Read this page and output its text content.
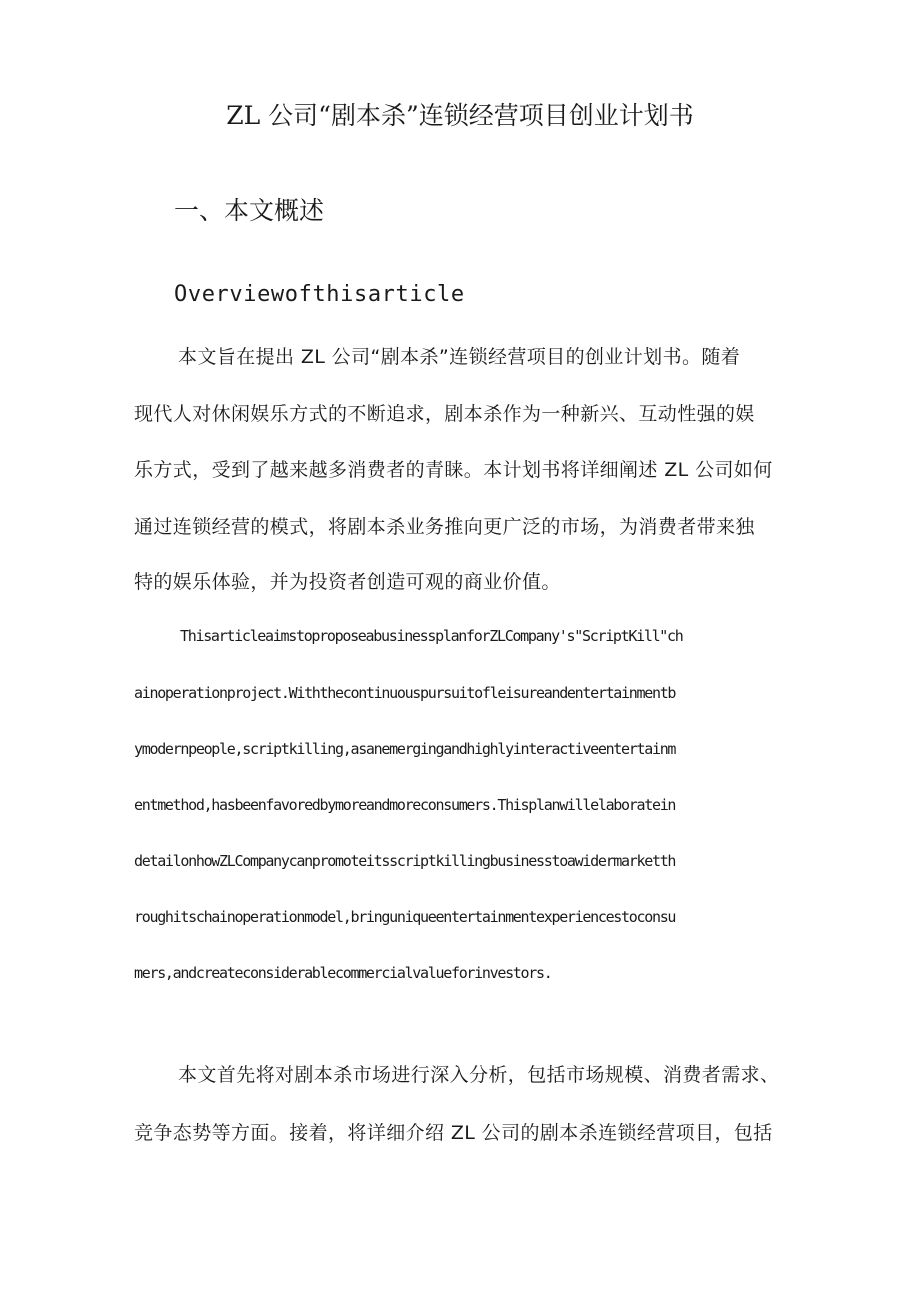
ZL 公司“剧本杀”连锁经营项目创业计划书

一、本文概述

Overviewofthisarticle

本文旨在提出 ZL 公司“剧本杀”连锁经营项目的创业计划书。随着

现代人对休闲娱乐方式的不断追求，剧本杀作为一种新兴、互动性强的娱

乐方式，受到了越来越多消费者的青睐。本计划书将详细阐述 ZL 公司如何

通过连锁经营的模式，将剧本杀业务推向更广泛的市场，为消费者带来独

特的娱乐体验，并为投资者创造可观的商业价值。

ThisarticleaimstoproposeabusinessplanforZLCompany's"ScriptKill"ch

ainoperationproject.Withthecontinuouspursuitofleisureandentertainmentb

ymodernpeople,scriptkilling,asanemergingandhighlyinteractiveentertainm

entmethod,hasbeenfavoredbymoreandmoreconsumers.Thisplanwillelaboratein

detailonhowZLCompanycanpromoteitsscriptkillingbusinesstoawidermarketth

roughitschainoperationmodel,bringuniqueentertainmentexperiencestoconsu

mers,andcreateconsiderablecommercialvalueforinvestors.

本文首先将对剧本杀市场进行深入分析，包括市场规模、消费者需求、

竞争态势等方面。接着，将详细介绍 ZL 公司的剧本杀连锁经营项目，包括
